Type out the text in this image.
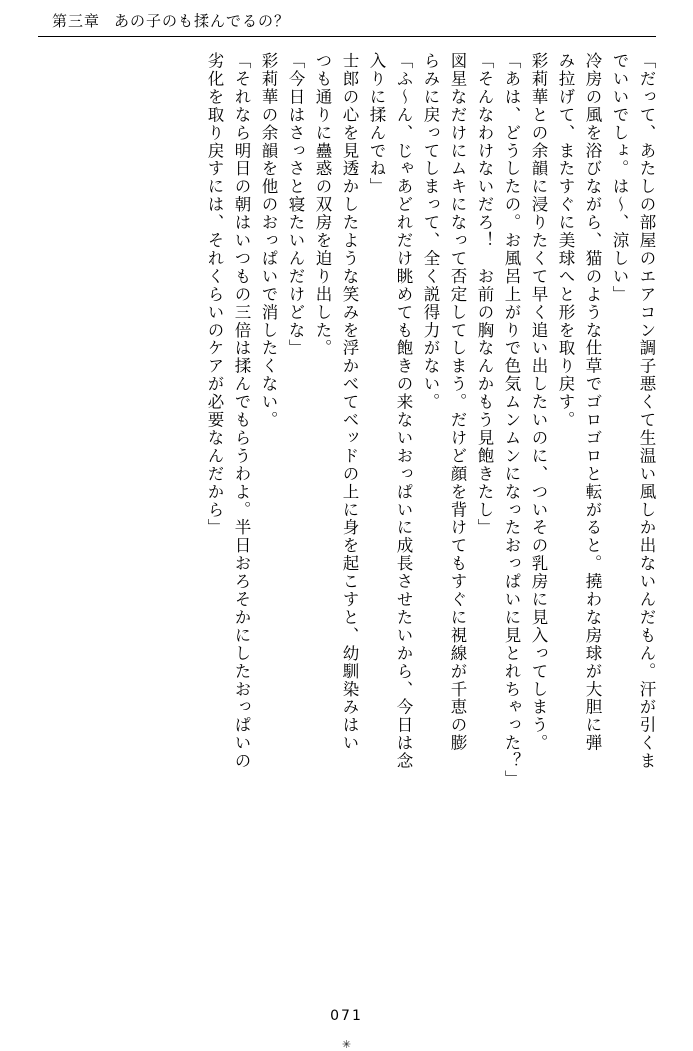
第三章 あの子のも揉んでるの？
「だって、あたしの部屋のエアコン調子悪くて生温い風しか出ないんだもん。汗が引くま
でいいでしょ。は～、涼しい」
冷房の風を浴びながら、猫のような仕草でゴロゴロと転がると。撓わな房球が大胆に弾
み拉げて、またすぐに美球へと形を取り戻す。
彩莉華との余韻に浸りたくて早く追い出したいのに、ついその乳房に見入ってしまう。
「あは、どうしたの。お風呂上がりで色気ムンムンになったおっぱいに見とれちゃった？」
「そんなわけないだろ！　お前の胸なんかもう見飽きたし」
図星なだけにムキになって否定してしまう。だけど顔を背けてもすぐに視線が千恵の膨
らみに戻ってしまって、全く説得力がない。
「ふ～ん、じゃあどれだけ眺めても飽きの来ないおっぱいに成長させたいから、今日は念
入りに揉んでね」
士郎の心を見透かしたような笑みを浮かべてベッドの上に身を起こすと、幼馴染みはい
つも通りに蠱惑の双房を迫り出した。
「今日はさっさと寝たいんだけどな」
彩莉華の余韻を他のおっぱいで消したくない。
「それなら明日の朝はいつもの三倍は揉んでもらうわよ。半日おろそかにしたおっぱいの
劣化を取り戻すには、それくらいのケアが必要なんだから」
071
✳
